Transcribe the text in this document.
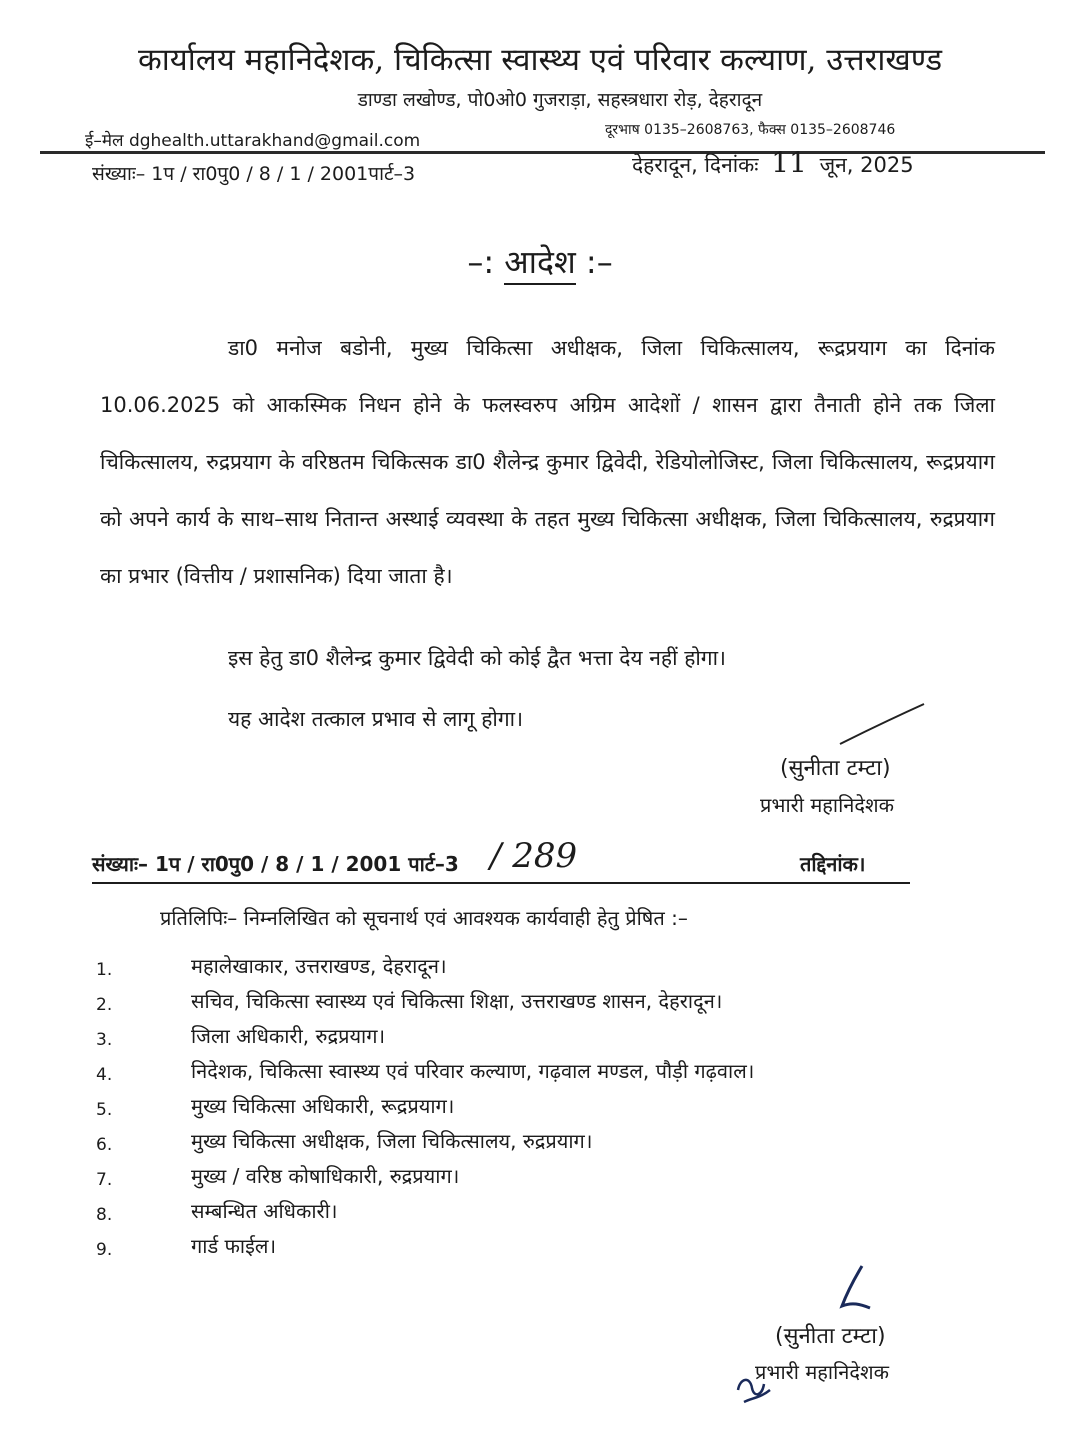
कार्यालय महानिदेशक, चिकित्सा स्वास्थ्य एवं परिवार कल्याण, उत्तराखण्ड
डाण्डा लखोण्ड, पो0ओ0 गुजराड़ा, सहस्त्रधारा रोड़, देहरादून
ई–मेल dghealth.uttarakhand@gmail.com
दूरभाष 0135–2608763, फैक्स 0135–2608746
संख्याः– 1प / रा0पु0 / 8 / 1 / 2001पार्ट–3	देहरादून, दिनांकः 11 जून, 2025
–: आदेश :–

डा0 मनोज बडोनी, मुख्य चिकित्सा अधीक्षक, जिला चिकित्सालय, रूद्रप्रयाग का दिनांक 10.06.2025 को आकस्मिक निधन होने के फलस्वरुप अग्रिम आदेशों / शासन द्वारा तैनाती होने तक जिला चिकित्सालय, रुद्रप्रयाग के वरिष्ठतम चिकित्सक डा0 शैलेन्द्र कुमार द्विवेदी, रेडियोलोजिस्ट, जिला चिकित्सालय, रूद्रप्रयाग को अपने कार्य के साथ–साथ नितान्त अस्थाई व्यवस्था के तहत मुख्य चिकित्सा अधीक्षक, जिला चिकित्सालय, रुद्रप्रयाग का प्रभार (वित्तीय / प्रशासनिक) दिया जाता है।

इस हेतु डा0 शैलेन्द्र कुमार द्विवेदी को कोई द्वैत भत्ता देय नहीं होगा।
यह आदेश तत्काल प्रभाव से लागू होगा।
(सुनीता टम्टा)
प्रभारी महानिदेशक
संख्याः– 1प / रा0पु0 / 8 / 1 / 2001 पार्ट–3 / 289	तद्दिनांक।
प्रतिलिपिः– निम्नलिखित को सूचनार्थ एवं आवश्यक कार्यवाही हेतु प्रेषित :–
1.	महालेखाकार, उत्तराखण्ड, देहरादून।
2.	सचिव, चिकित्सा स्वास्थ्य एवं चिकित्सा शिक्षा, उत्तराखण्ड शासन, देहरादून।
3.	जिला अधिकारी, रुद्रप्रयाग।
4.	निदेशक, चिकित्सा स्वास्थ्य एवं परिवार कल्याण, गढ़वाल मण्डल, पौड़ी गढ़वाल।
5.	मुख्य चिकित्सा अधिकारी, रूद्रप्रयाग।
6.	मुख्य चिकित्सा अधीक्षक, जिला चिकित्सालय, रुद्रप्रयाग।
7.	मुख्य / वरिष्ठ कोषाधिकारी, रुद्रप्रयाग।
8.	सम्बन्धित अधिकारी।
9.	गार्ड फाईल।
(सुनीता टम्टा)
प्रभारी महानिदेशक
